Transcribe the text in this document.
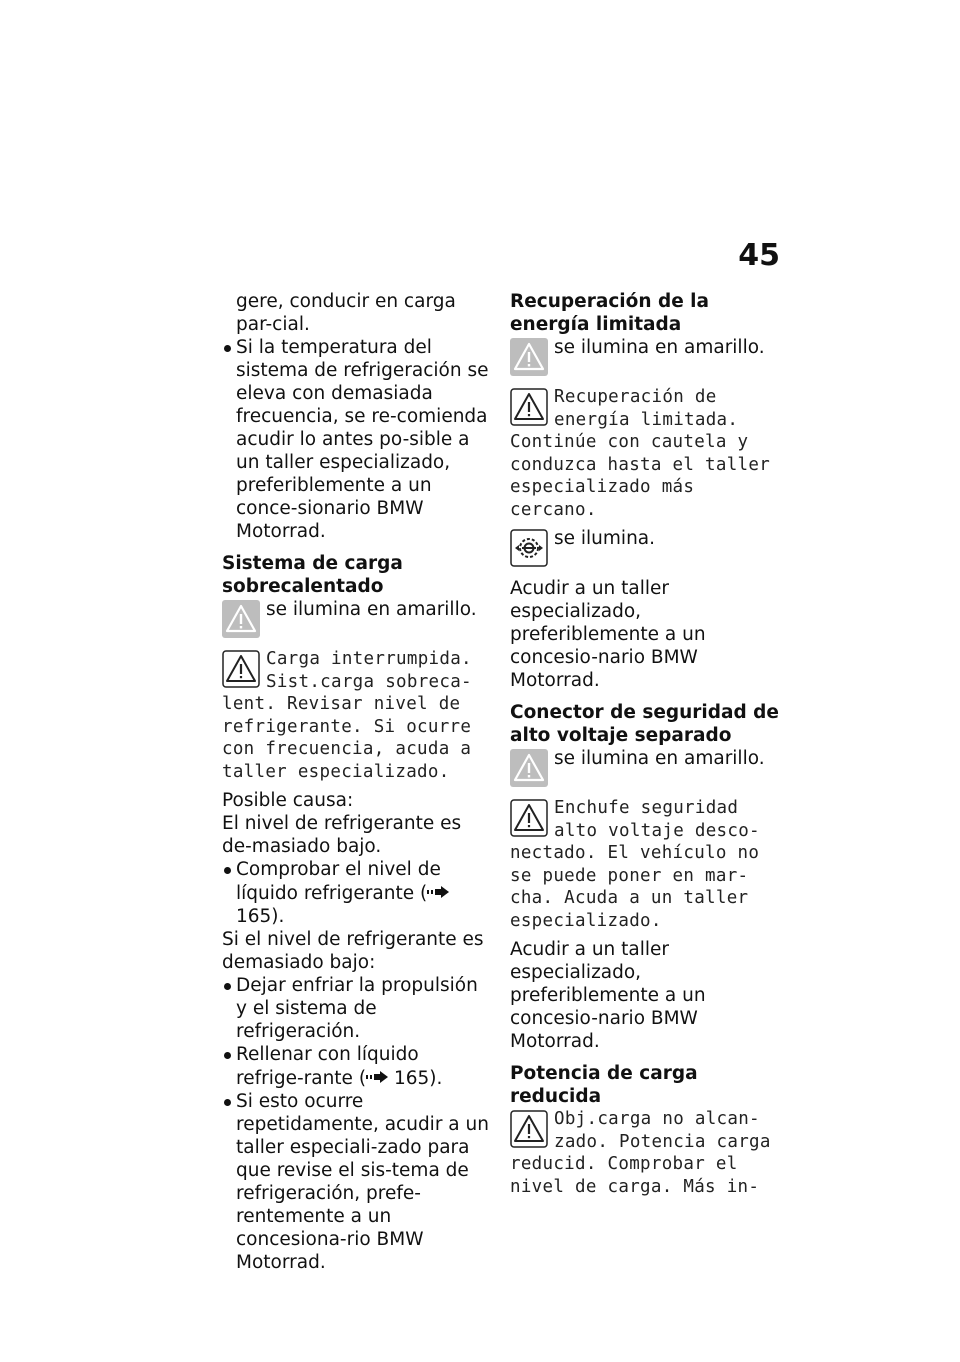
45

gere, conducir en carga par-cial.

Si la temperatura del sistema de refrigeración se eleva con demasiada frecuencia, se re-comienda acudir lo antes po-sible a un taller especializado, preferiblemente a un conce-sionario BMW Motorrad.

Sistema de carga sobrecalentado

se ilumina en amarillo.

Carga interrumpida. Sist.carga sobreca-lent. Revisar nivel de refrigerante. Si ocurre con frecuencia, acuda a taller especializado.

Posible causa:

El nivel de refrigerante es de-masiado bajo.

Comprobar el nivel de líquido refrigerante ( 165).

Si el nivel de refrigerante es demasiado bajo:

Dejar enfriar la propulsión y el sistema de refrigeración.

Rellenar con líquido refrige-rante ( 165).

Si esto ocurre repetidamente, acudir a un taller especiali-zado para que revise el sis-tema de refrigeración, prefe-rentemente a un concesiona-rio BMW Motorrad.

Recuperación de la energía limitada

se ilumina en amarillo.

Recuperación de energía limitada. Continúe con cautela y conduzca hasta el taller especializado más cercano.

se ilumina.

Acudir a un taller especializado, preferiblemente a un concesio-nario BMW Motorrad.

Conector de seguridad de alto voltaje separado

se ilumina en amarillo.

Enchufe seguridad alto voltaje desco-nectado. El vehículo no se puede poner en mar-cha. Acuda a un taller especializado.

Acudir a un taller especializado, preferiblemente a un concesio-nario BMW Motorrad.

Potencia de carga reducida

Obj.carga no alcan-zado. Potencia carga reducid. Comprobar el nivel de carga. Más in-
